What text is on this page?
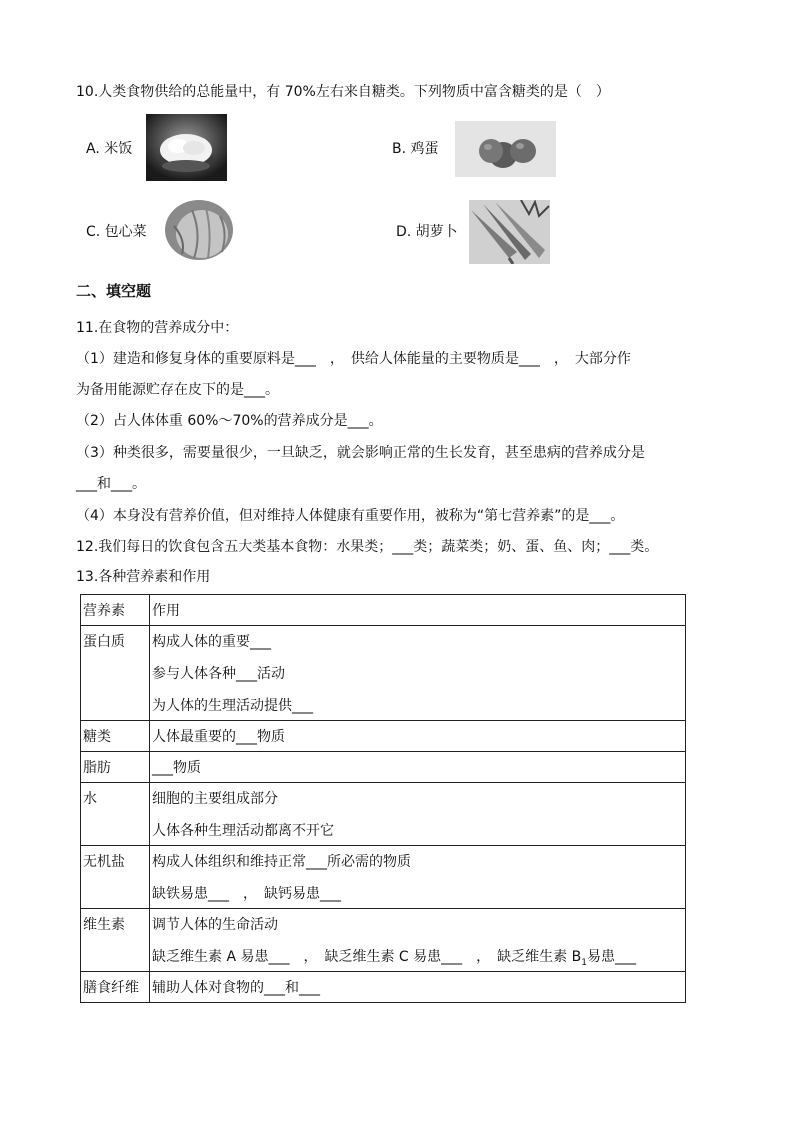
10.人类食物供给的总能量中，有 70%左右来自糖类。下列物质中富含糖类的是（　）
A. 米饭	B. 鸡蛋
C. 包心菜	D. 胡萝卜
二、填空题
11.在食物的营养成分中：
（1）建造和修复身体的重要原料是___　，　供给人体能量的主要物质是___　，　大部分作
为备用能源贮存在皮下的是___。
（2）占人体体重 60%～70%的营养成分是___。
（3）种类很多，需要量很少，一旦缺乏，就会影响正常的生长发育，甚至患病的营养成分是
___和___。
（4）本身没有营养价值，但对维持人体健康有重要作用，被称为“第七营养素”的是___。
12.我们每日的饮食包含五大类基本食物：水果类；___类；蔬菜类；奶、蛋、鱼、肉；___类。
13.各种营养素和作用
营养素	作用
蛋白质	构成人体的重要___
参与人体各种___活动
为人体的生理活动提供___

糖类	人体最重要的___物质

脂肪	___物质

水	细胞的主要组成部分
人体各种生理活动都离不开它

无机盐	构成人体组织和维持正常___所必需的物质
缺铁易患___　，　缺钙易患___

维生素	调节人体的生命活动
缺乏维生素 A 易患___　，　缺乏维生素 C 易患___　，　缺乏维生素 $B_1$易患___

膳食纤维	辅助人体对食物的___和___
